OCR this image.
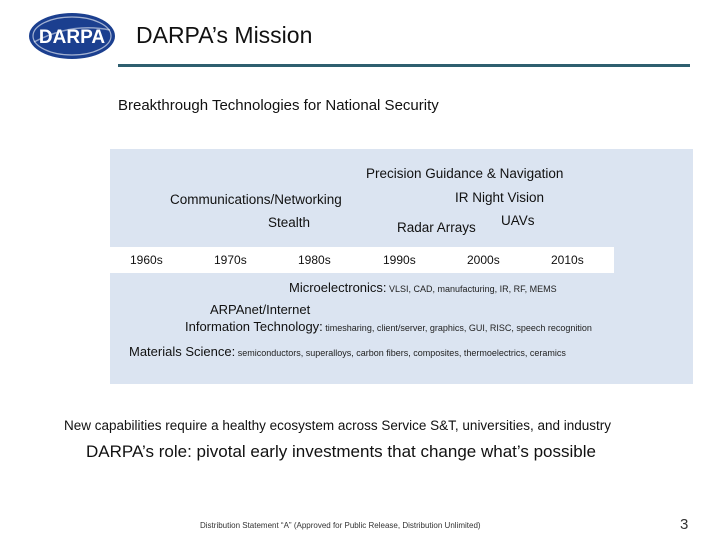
DARPA DARPA’s Mission
Breakthrough Technologies for National Security
Precision Guidance & Navigation
IR Night Vision
Communications/Networking
Stealth	Radar Arrays UAVs
1960s	1970s	1980s	1990s	2000s	2010s
Microelectronics: VLSI, CAD, manufacturing, IR, RF, MEMS
ARPAnet/Internet
Information Technology: timesharing, client/server, graphics, GUI, RISC, speech recognition
Materials Science: semiconductors, superalloys, carbon fibers, composites, thermoelectrics, ceramics
New capabilities require a healthy ecosystem across Service S&T, universities, and industry
DARPA’s role: pivotal early investments that change what’s possible
Distribution Statement “A” (Approved for Public Release, Distribution Unlimited)	3
